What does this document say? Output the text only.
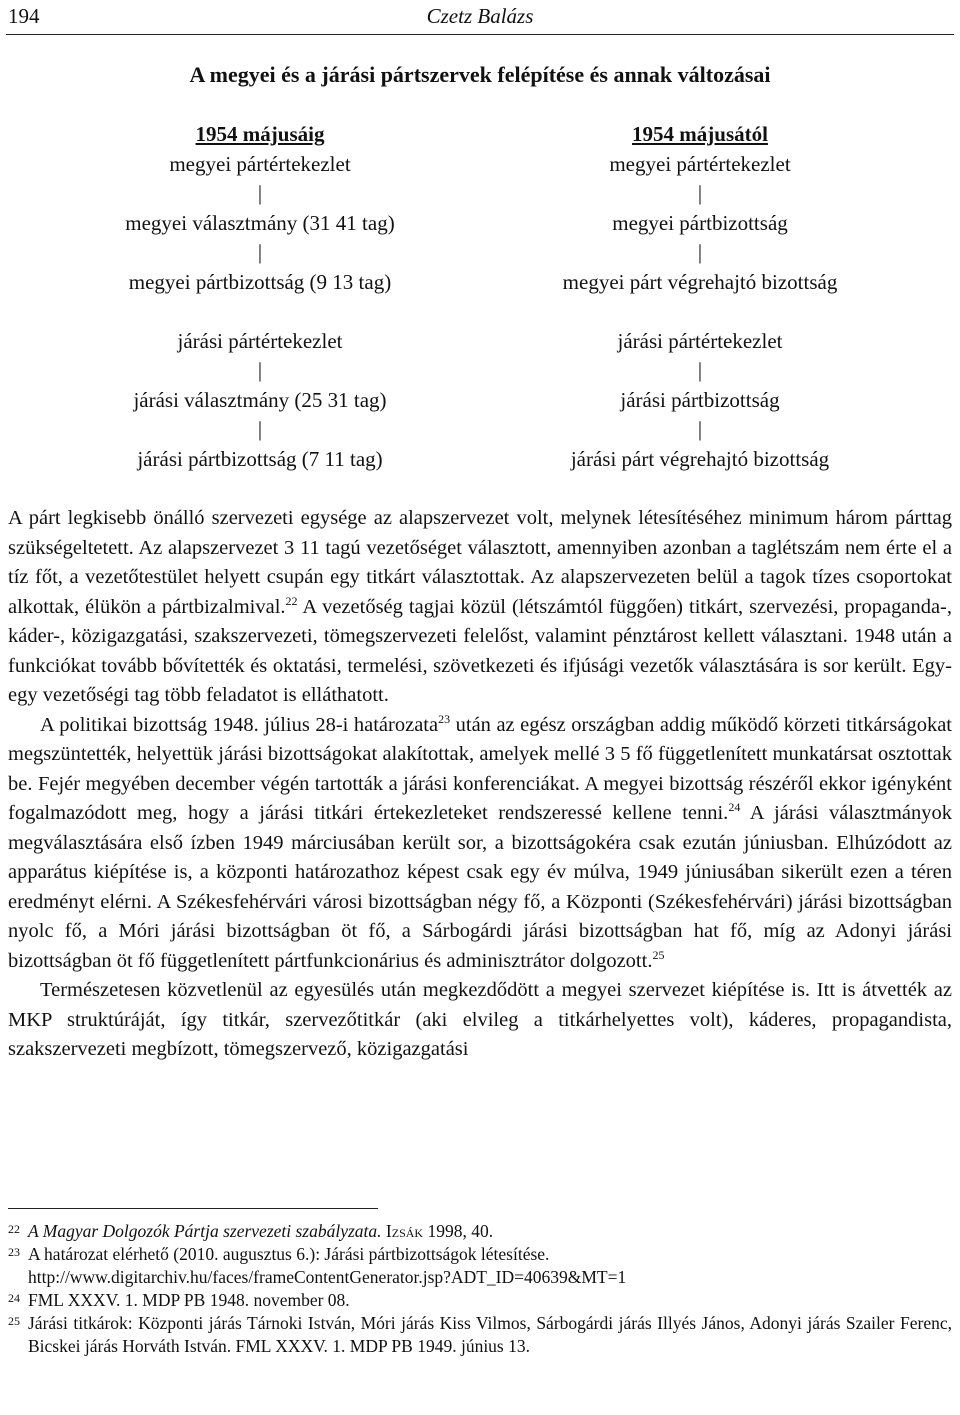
194	Czetz Balázs
A megyei és a járási pártszervek felépítése és annak változásai
1954 májusáig
megyei pártértekezlet
|
megyei választmány (31 41 tag)
|
megyei pártbizottság (9 13 tag)
járási pártértekezlet
|
járási választmány (25 31 tag)
|
járási pártbizottság (7 11 tag)
1954 májusától
megyei pártértekezlet
|
megyei pártbizottság
|
megyei párt végrehajtó bizottság
járási pártértekezlet
|
járási pártbizottság
|
járási párt végrehajtó bizottság

A párt legkisebb önálló szervezeti egysége az alapszervezet volt, melynek létesítéséhez minimum három párttag szükségeltetett. Az alapszervezet 3 11 tagú vezetőséget választott, amennyiben azonban a taglétszám nem érte el a tíz főt, a vezetőtestület helyett csupán egy titkárt választottak. Az alapszervezeten belül a tagok tízes csoportokat alkottak, élükön a pártbizalmival.$^{22}$ A vezetőség tagjai közül (létszámtól függően) titkárt, szervezési, propaganda-, káder-, közigazgatási, szakszervezeti, tömegszervezeti felelőst, valamint pénztárost kellett választani. 1948 után a funkciókat tovább bővítették és oktatási, termelési, szövetkezeti és ifjúsági vezetők választására is sor került. Egy-egy vezetőségi tag több feladatot is elláthatott.

A politikai bizottság 1948. július 28-i határozata$^{23}$ után az egész országban addig működő körzeti titkárságokat megszüntették, helyettük járási bizottságokat alakítottak, amelyek mellé 3 5 fő függetlenített munkatársat osztottak be. Fejér megyében december végén tartották a járási konferenciákat. A megyei bizottság részéről ekkor igényként fogalmazódott meg, hogy a járási titkári értekezleteket rendszeressé kellene tenni.$^{24}$ A járási választmányok megválasztására első ízben 1949 márciusában került sor, a bizottságokéra csak ezután júniusban. Elhúzódott az apparátus kiépítése is, a központi határozathoz képest csak egy év múlva, 1949 júniusában sikerült ezen a téren eredményt elérni. A Székesfehérvári városi bizottságban négy fő, a Központi (Székesfehérvári) járási bizottságban nyolc fő, a Móri járási bizottságban öt fő, a Sárbogárdi járási bizottságban hat fő, míg az Adonyi járási bizottságban öt fő függetlenített pártfunkcionárius és adminisztrátor dolgozott.$^{25}$

Természetesen közvetlenül az egyesülés után megkezdődött a megyei szervezet kiépítése is. Itt is átvették az MKP struktúráját, így titkár, szervezőtitkár (aki elvileg a titkárhelyettes volt), káderes, propagandista, szakszervezeti megbízott, tömegszervező, közigazgatási

22 A Magyar Dolgozók Pártja szervezeti szabályzata. Izsák 1998, 40.
23 A határozat elérhető (2010. augusztus 6.): Járási pártbizottságok létesítése.
http://www.digitarchiv.hu/faces/frameContentGenerator.jsp?ADT_ID=40639&MT=1
24 FML XXXV. 1. MDP PB 1948. november 08.
25 Járási titkárok: Központi járás Tárnoki István, Móri járás Kiss Vilmos, Sárbogárdi járás Illyés János, Adonyi járás Szailer Ferenc, Bicskei járás Horváth István. FML XXXV. 1. MDP PB 1949. június 13.
